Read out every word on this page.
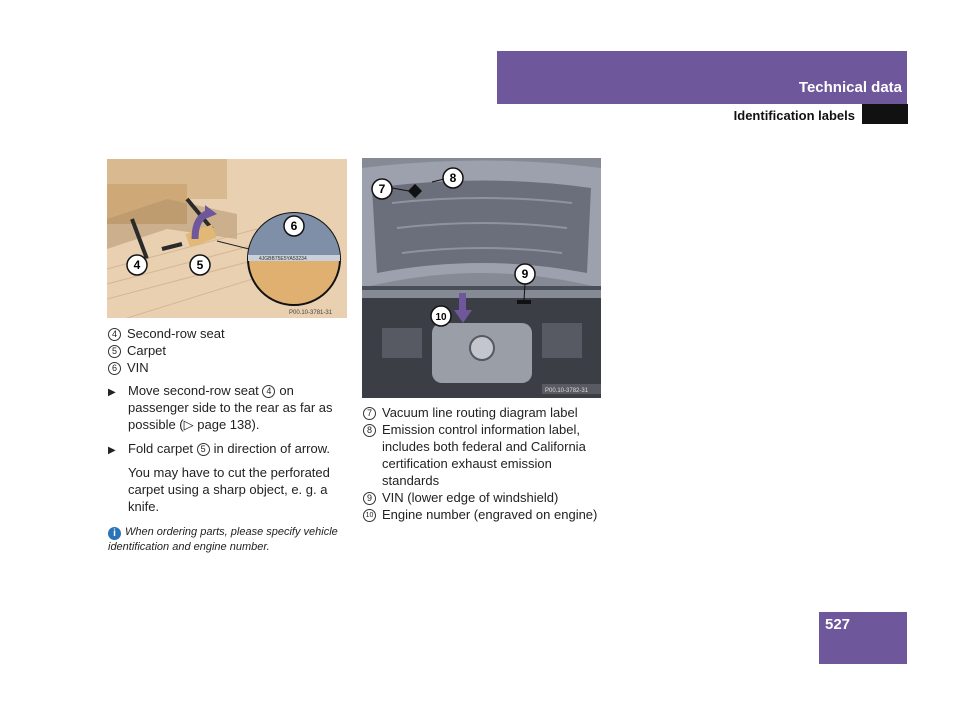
Technical data
Identification labels
4JGBB75E5YA53234
6
4	5
P00.10-3781-31
7
8
9
10
P00.10-3782-31
4 Second-row seat
5 Carpet
6 VIN
▶ Move second-row seat 4 on passenger side to the rear as far as possible (▷ page 138).
▶ Fold carpet 5 in direction of arrow.
You may have to cut the perforated carpet using a sharp object, e. g. a knife.
i When ordering parts, please specify vehicle identification and engine number.
7 Vacuum line routing diagram label
8 Emission control information label, includes both federal and California certification exhaust emission standards
9 VIN (lower edge of windshield)
10 Engine number (engraved on engine)
527
